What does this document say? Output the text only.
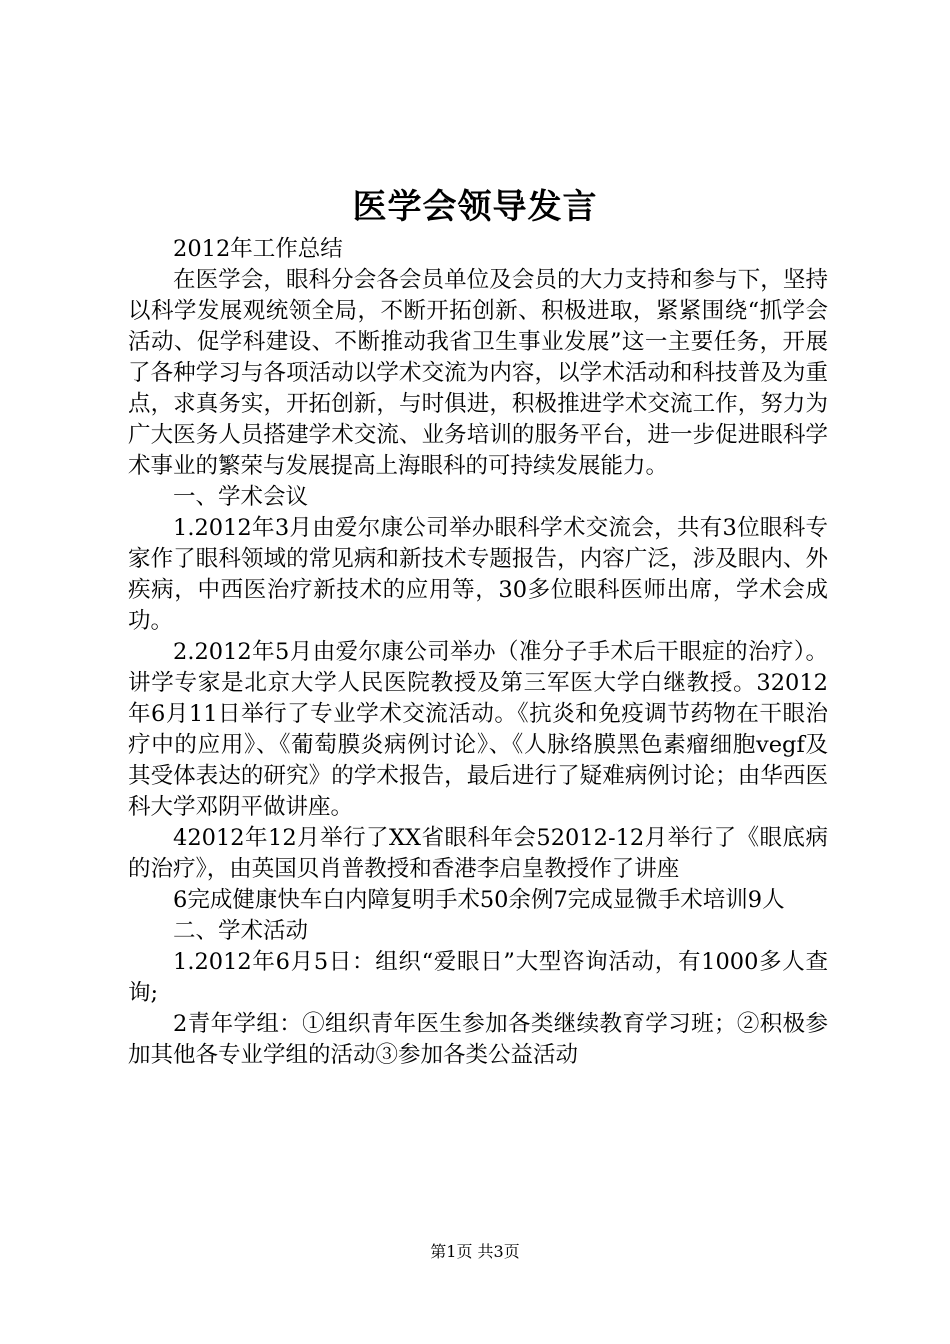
医学会领导发言

2012年工作总结

在医学会，眼科分会各会员单位及会员的大力支持和参与下，坚持以科学发展观统领全局，不断开拓创新、积极进取，紧紧围绕“抓学会活动、促学科建设、不断推动我省卫生事业发展”这一主要任务，开展了各种学习与各项活动以学术交流为内容，以学术活动和科技普及为重点，求真务实，开拓创新，与时俱进，积极推进学术交流工作，努力为广大医务人员搭建学术交流、业务培训的服务平台，进一步促进眼科学术事业的繁荣与发展提高上海眼科的可持续发展能力。

一、学术会议

1.2012年3月由爱尔康公司举办眼科学术交流会，共有3位眼科专家作了眼科领域的常见病和新技术专题报告，内容广泛，涉及眼内、外疾病，中西医治疗新技术的应用等，30多位眼科医师出席，学术会成功。

2.2012年5月由爱尔康公司举办（准分子手术后干眼症的治疗）。讲学专家是北京大学人民医院教授及第三军医大学白继教授。32012年6月11日举行了专业学术交流活动。《抗炎和免疫调节药物在干眼治疗中的应用》、《葡萄膜炎病例讨论》、《人脉络膜黑色素瘤细胞vegf及其受体表达的研究》的学术报告，最后进行了疑难病例讨论；由华西医科大学邓阴平做讲座。

42012年12月举行了XX省眼科年会52012-12月举行了《眼底病的治疗》，由英国贝肖普教授和香港李启皇教授作了讲座

6完成健康快车白内障复明手术50余例7完成显微手术培训9人

二、学术活动

1.2012年6月5日：组织“爱眼日”大型咨询活动，有1000多人查询;

2青年学组：①组织青年医生参加各类继续教育学习班；②积极参加其他各专业学组的活动③参加各类公益活动

第1页 共3页
